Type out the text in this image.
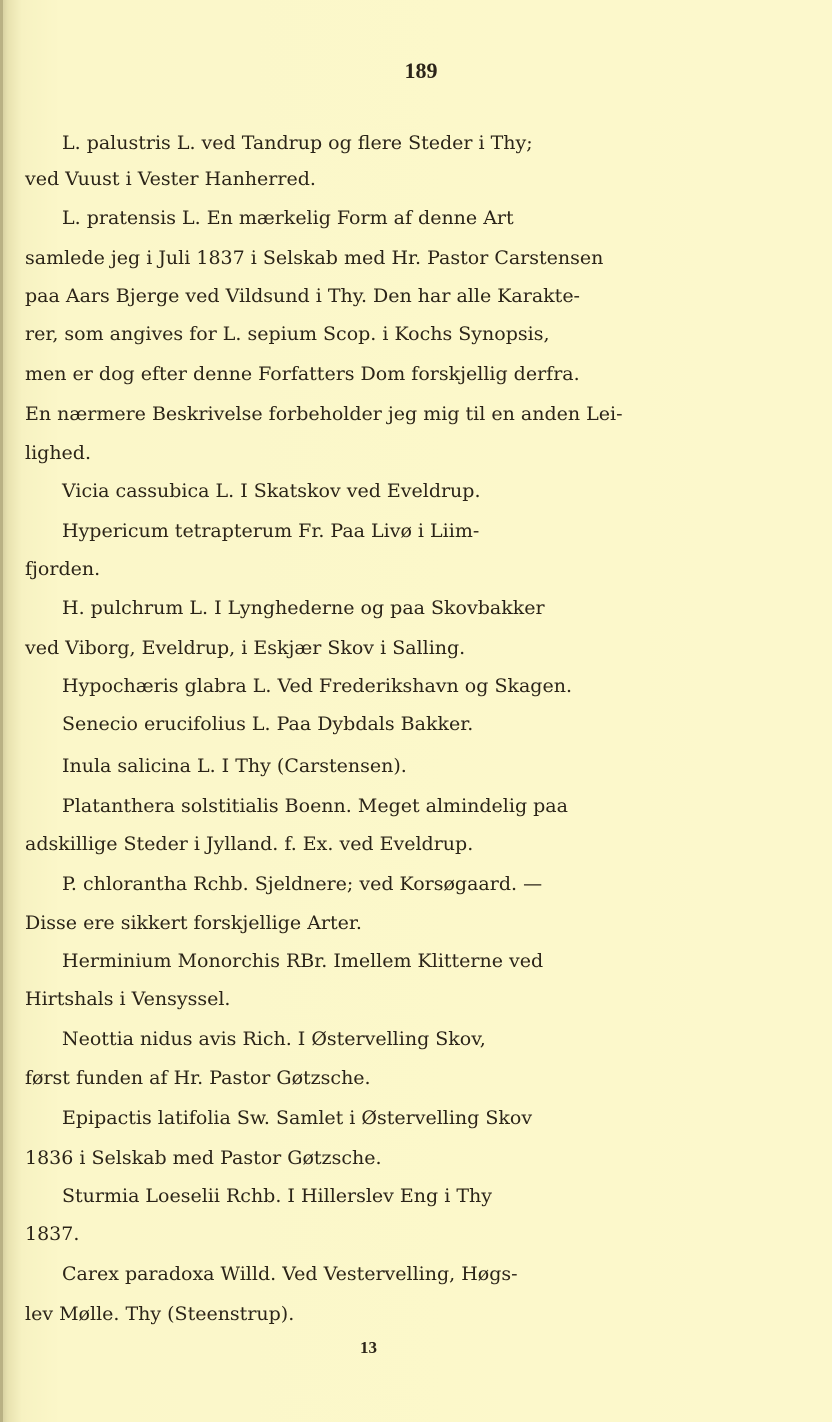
189
L. palustris L. ved Tandrup og flere Steder i Thy;
ved Vuust i Vester Hanherred.
L. pratensis L. En mærkelig Form af denne Art
samlede jeg i Juli 1837 i Selskab med Hr. Pastor Carstensen
paa Aars Bjerge ved Vildsund i Thy. Den har alle Karakte-
rer, som angives for L. sepium Scop. i Kochs Synopsis,
men er dog efter denne Forfatters Dom forskjellig derfra.
En nærmere Beskrivelse forbeholder jeg mig til en anden Lei-
lighed.
Vicia cassubica L. I Skatskov ved Eveldrup.
Hypericum tetrapterum Fr. Paa Livø i Liim-
fjorden.
H. pulchrum L. I Lynghederne og paa Skovbakker
ved Viborg, Eveldrup, i Eskjær Skov i Salling.
Hypochæris glabra L. Ved Frederikshavn og Skagen.
Senecio erucifolius L. Paa Dybdals Bakker.
Inula salicina L. I Thy (Carstensen).
Platanthera solstitialis Boenn. Meget almindelig paa
adskillige Steder i Jylland. f. Ex. ved Eveldrup.
P. chlorantha Rchb. Sjeldnere; ved Korsøgaard. —
Disse ere sikkert forskjellige Arter.
Herminium Monorchis RBr. Imellem Klitterne ved
Hirtshals i Vensyssel.
Neottia nidus avis Rich. I Østervelling Skov,
først funden af Hr. Pastor Gøtzsche.
Epipactis latifolia Sw. Samlet i Østervelling Skov
1836 i Selskab med Pastor Gøtzsche.
Sturmia Loeselii Rchb. I Hillerslev Eng i Thy
1837.
Carex paradoxa Willd. Ved Vestervelling, Høgs-
lev Mølle. Thy (Steenstrup).
13
